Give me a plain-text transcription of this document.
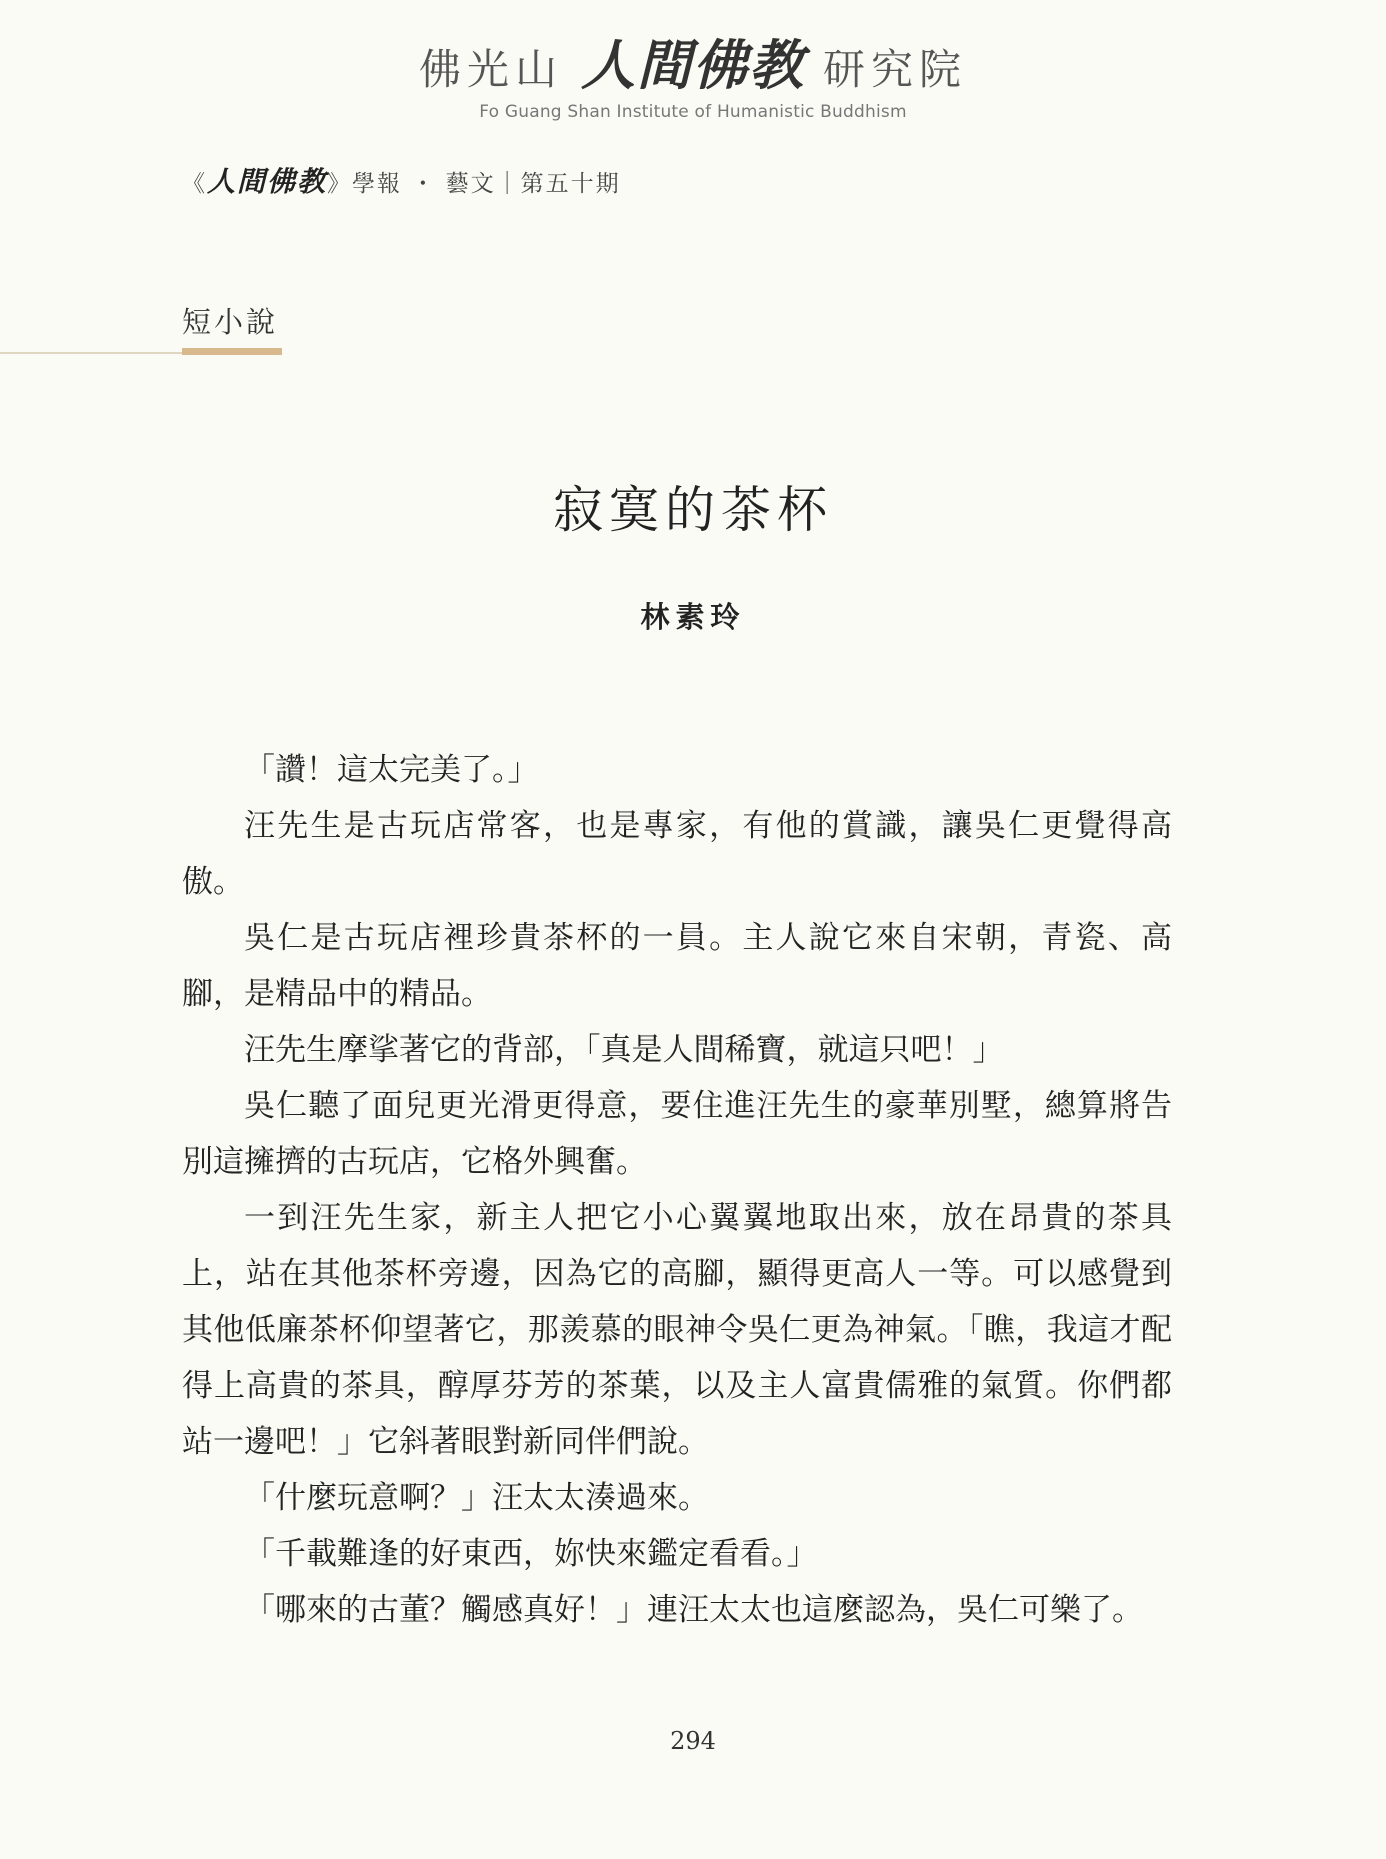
佛光山 人間佛教 研究院
Fo Guang Shan Institute of Humanistic Buddhism
《人間佛教》學報 ・ 藝文｜第五十期
短小說
寂寞的茶杯
林素玲

「讚！這太完美了。」

汪先生是古玩店常客，也是專家，有他的賞識，讓吳仁更覺得高傲。

吳仁是古玩店裡珍貴茶杯的一員。主人說它來自宋朝，青瓷、高腳，是精品中的精品。

汪先生摩挲著它的背部，「真是人間稀寶，就這只吧！」

吳仁聽了面兒更光滑更得意，要住進汪先生的豪華別墅，總算將告別這擁擠的古玩店，它格外興奮。

一到汪先生家，新主人把它小心翼翼地取出來，放在昂貴的茶具上，站在其他茶杯旁邊，因為它的高腳，顯得更高人一等。可以感覺到其他低廉茶杯仰望著它，那羨慕的眼神令吳仁更為神氣。「瞧，我這才配得上高貴的茶具，醇厚芬芳的茶葉，以及主人富貴儒雅的氣質。你們都站一邊吧！」它斜著眼對新同伴們說。

「什麼玩意啊？」汪太太湊過來。

「千載難逢的好東西，妳快來鑑定看看。」

「哪來的古董？觸感真好！」連汪太太也這麼認為，吳仁可樂了。

294
